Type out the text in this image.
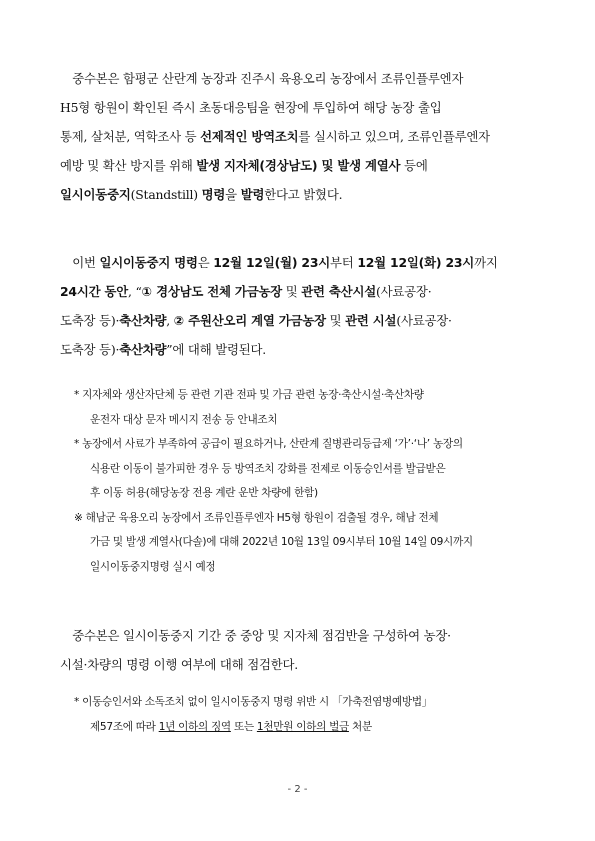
　중수본은 함평군 산란계 농장과 진주시 육용오리 농장에서 조류인플루엔자
H5형 항원이 확인된 즉시 초동대응팀을 현장에 투입하여 해당 농장 출입
통제, 살처분, 역학조사 등 선제적인 방역조치를 실시하고 있으며, 조류인플루엔자
예방 및 확산 방지를 위해 발생 지자체(경상남도) 및 발생 계열사 등에
일시이동중지(Standstill) 명령을 발령한다고 밝혔다.
　이번 일시이동중지 명령은 12월 12일(월) 23시부터 12월 12일(화) 23시까지
24시간 동안, “① 경상남도 전체 가금농장 및 관련 축산시설(사료공장·
도축장 등)·축산차량, ② 주원산오리 계열 가금농장 및 관련 시설(사료공장·
도축장 등)·축산차량”에 대해 발령된다.
* 지자체와 생산자단체 등 관련 기관 전파 및 가금 관련 농장·축산시설·축산차량
운전자 대상 문자 메시지 전송 등 안내조치
* 농장에서 사료가 부족하여 공급이 필요하거나, 산란계 질병관리등급제 ‘가’·‘나’ 농장의
식용란 이동이 불가피한 경우 등 방역조치 강화를 전제로 이동승인서를 발급받은
후 이동 허용(해당농장 전용 계란 운반 차량에 한함)
※ 해남군 육용오리 농장에서 조류인플루엔자 H5형 항원이 검출될 경우, 해남 전체
가금 및 발생 계열사(다솔)에 대해 2022년 10월 13일 09시부터 10월 14일 09시까지
일시이동중지명령 실시 예정
　중수본은 일시이동중지 기간 중 중앙 및 지자체 점검반을 구성하여 농장·
시설·차량의 명령 이행 여부에 대해 점검한다.
* 이동승인서와 소독조치 없이 일시이동중지 명령 위반 시 「가축전염병예방법」
제57조에 따라 1년 이하의 징역 또는 1천만원 이하의 벌금 처분
- 2 -
